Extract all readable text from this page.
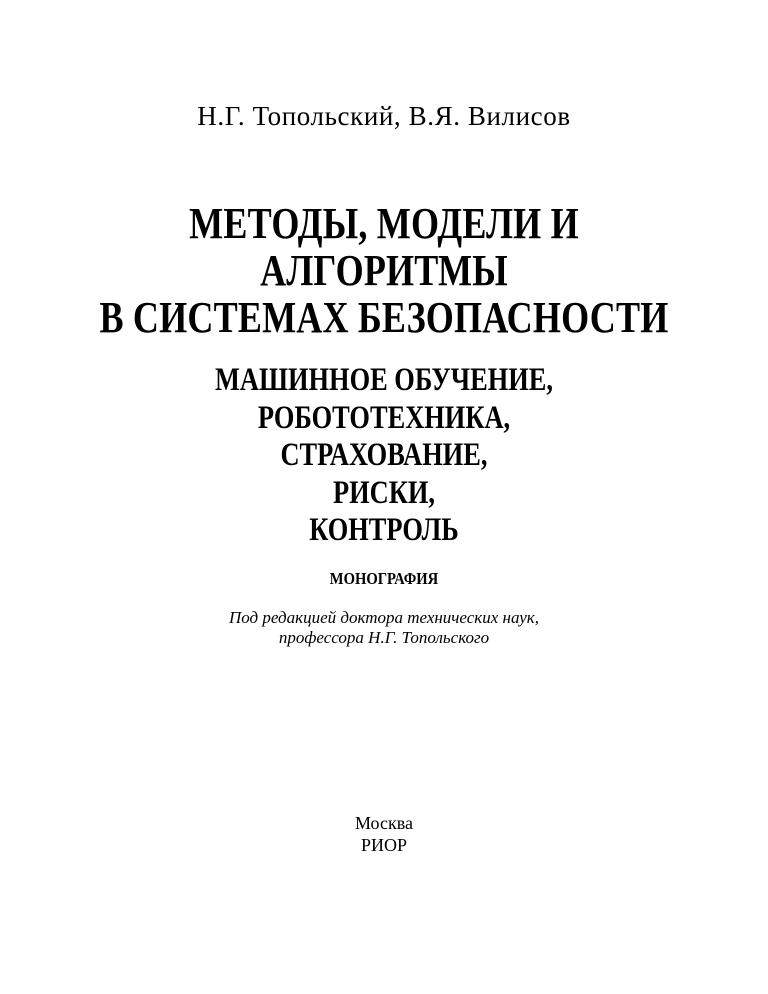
Н.Г. Топольский, В.Я. Вилисов
МЕТОДЫ, МОДЕЛИ И
АЛГОРИТМЫ
В СИСТЕМАХ БЕЗОПАСНОСТИ
МАШИННОЕ ОБУЧЕНИЕ,
РОБОТОТЕХНИКА,
СТРАХОВАНИЕ,
РИСКИ,
КОНТРОЛЬ
МОНОГРАФИЯ
Под редакцией доктора технических наук,
профессора Н.Г. Топольского
Москва
РИОР
